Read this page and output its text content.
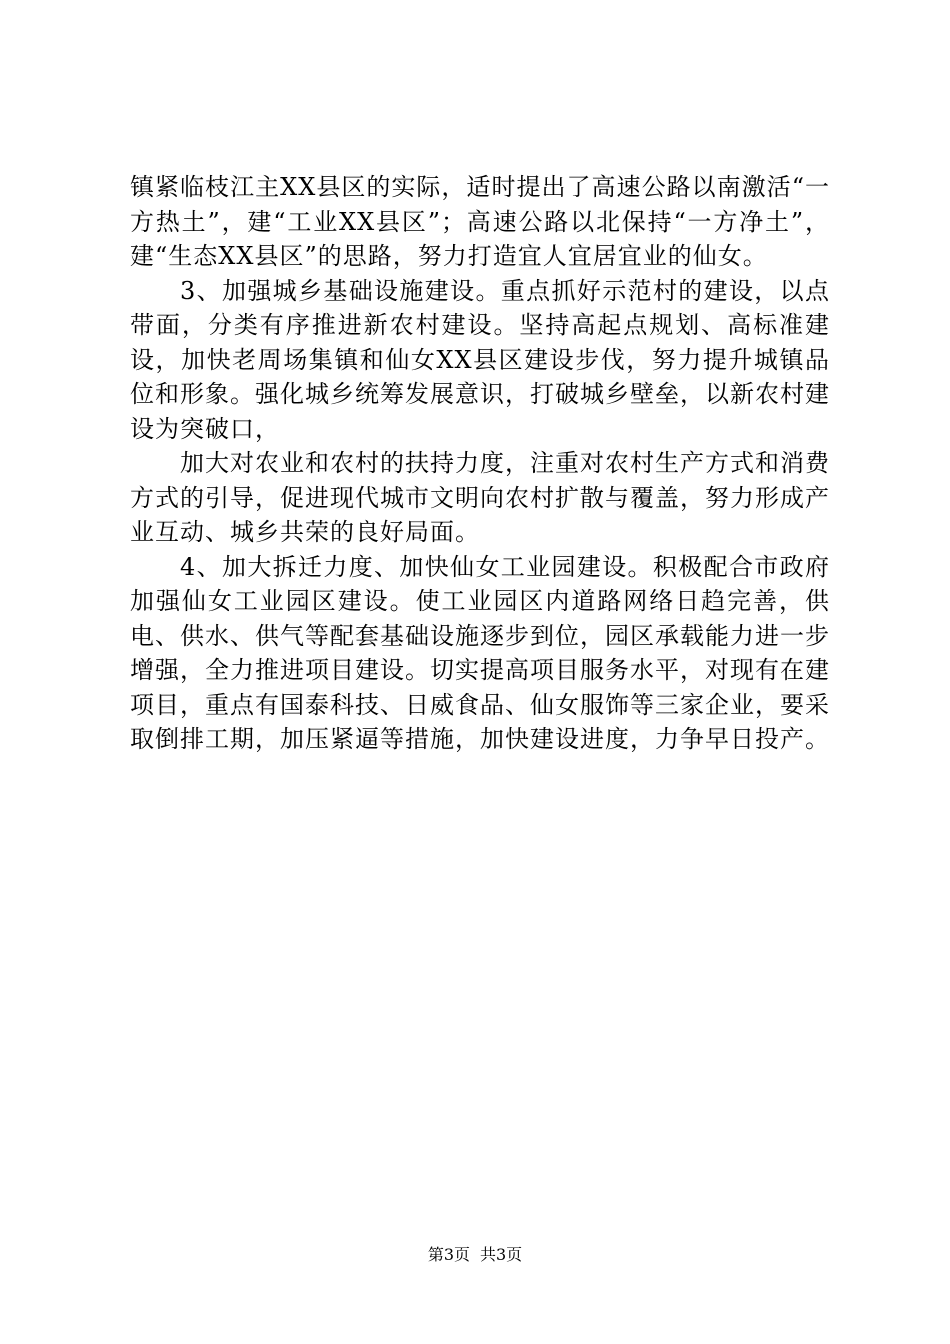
镇紧临枝江主XX县区的实际，适时提出了高速公路以南激活“一方热土”，建“工业XX县区”；高速公路以北保持“一方净土”，建“生态XX县区”的思路，努力打造宜人宜居宜业的仙女。

3、加强城乡基础设施建设。重点抓好示范村的建设，以点带面，分类有序推进新农村建设。坚持高起点规划、高标准建设，加快老周场集镇和仙女XX县区建设步伐，努力提升城镇品位和形象。强化城乡统筹发展意识，打破城乡壁垒，以新农村建设为突破口，

加大对农业和农村的扶持力度，注重对农村生产方式和消费方式的引导，促进现代城市文明向农村扩散与覆盖，努力形成产业互动、城乡共荣的良好局面。

4、加大拆迁力度、加快仙女工业园建设。积极配合市政府加强仙女工业园区建设。使工业园区内道路网络日趋完善，供电、供水、供气等配套基础设施逐步到位，园区承载能力进一步增强，全力推进项目建设。切实提高项目服务水平，对现有在建项目，重点有国泰科技、日威食品、仙女服饰等三家企业，要采取倒排工期，加压紧逼等措施，加快建设进度，力争早日投产。

第3页 共3页
